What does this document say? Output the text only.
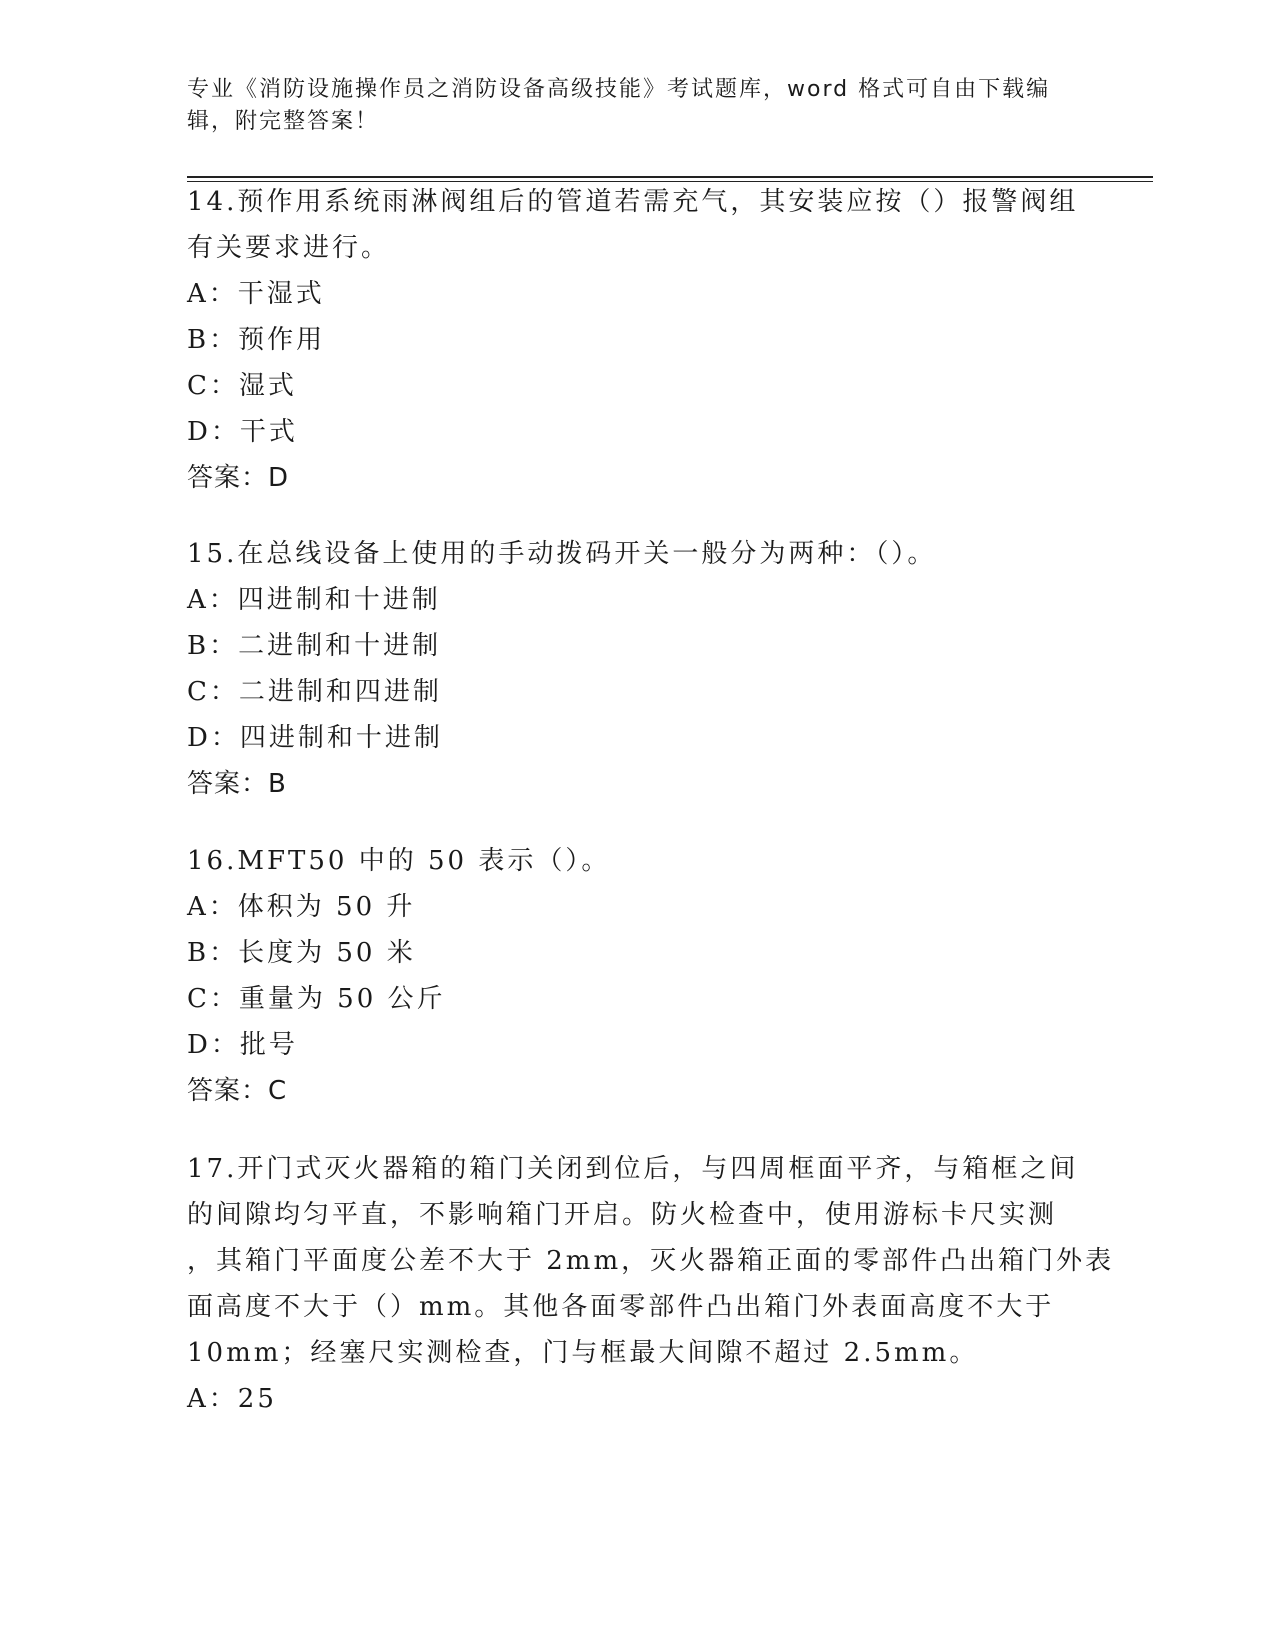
专业《消防设施操作员之消防设备高级技能》考试题库，word 格式可自由下载编
辑，附完整答案！
14.预作用系统雨淋阀组后的管道若需充气，其安装应按（）报警阀组
有关要求进行。
A：干湿式
B：预作用
C：湿式
D：干式
答案：D
15.在总线设备上使用的手动拨码开关一般分为两种：（）。
A：四进制和十进制
B：二进制和十进制
C：二进制和四进制
D：四进制和十进制
答案：B
16.MFT50 中的 50 表示（）。
A：体积为 50 升
B：长度为 50 米
C：重量为 50 公斤
D：批号
答案：C
17.开门式灭火器箱的箱门关闭到位后，与四周框面平齐，与箱框之间
的间隙均匀平直，不影响箱门开启。防火检查中，使用游标卡尺实测
，其箱门平面度公差不大于 2mm，灭火器箱正面的零部件凸出箱门外表
面高度不大于（）mm。其他各面零部件凸出箱门外表面高度不大于
10mm；经塞尺实测检查，门与框最大间隙不超过 2.5mm。
A：25
